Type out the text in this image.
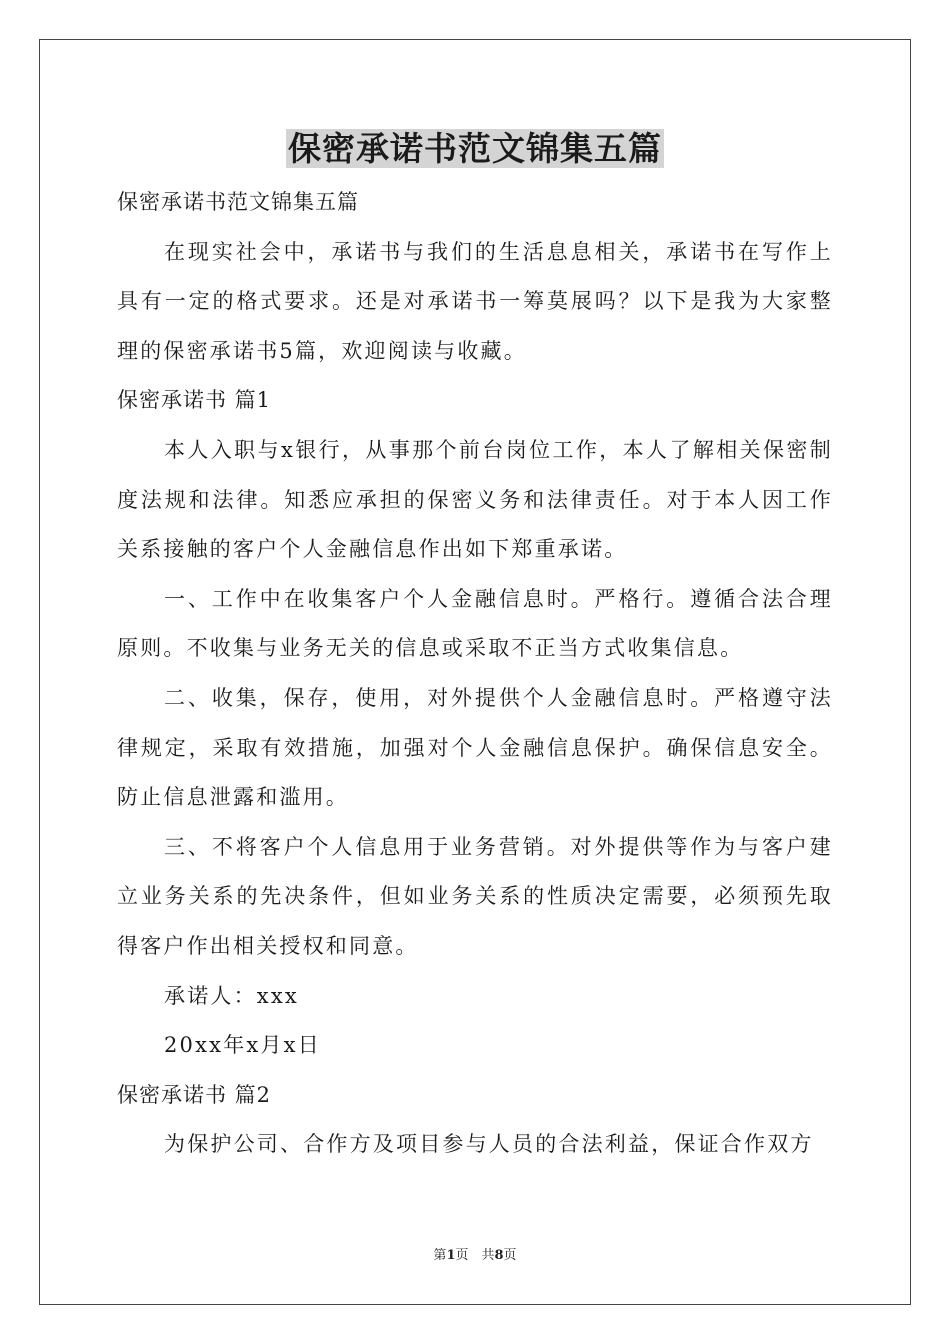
保密承诺书范文锦集五篇

保密承诺书范文锦集五篇

在现实社会中，承诺书与我们的生活息息相关，承诺书在写作上具有一定的格式要求。还是对承诺书一筹莫展吗？以下是我为大家整理的保密承诺书5篇，欢迎阅读与收藏。

保密承诺书 篇1

本人入职与x银行，从事那个前台岗位工作，本人了解相关保密制度法规和法律。知悉应承担的保密义务和法律责任。对于本人因工作关系接触的客户个人金融信息作出如下郑重承诺。

一、工作中在收集客户个人金融信息时。严格行。遵循合法合理原则。不收集与业务无关的信息或采取不正当方式收集信息。

二、收集，保存，使用，对外提供个人金融信息时。严格遵守法律规定，采取有效措施，加强对个人金融信息保护。确保信息安全。防止信息泄露和滥用。

三、不将客户个人信息用于业务营销。对外提供等作为与客户建立业务关系的先决条件，但如业务关系的性质决定需要，必须预先取得客户作出相关授权和同意。

承诺人：xxx

20xx年x月x日

保密承诺书 篇2

为保护公司、合作方及项目参与人员的合法利益，保证合作双方

第1页　共8页
